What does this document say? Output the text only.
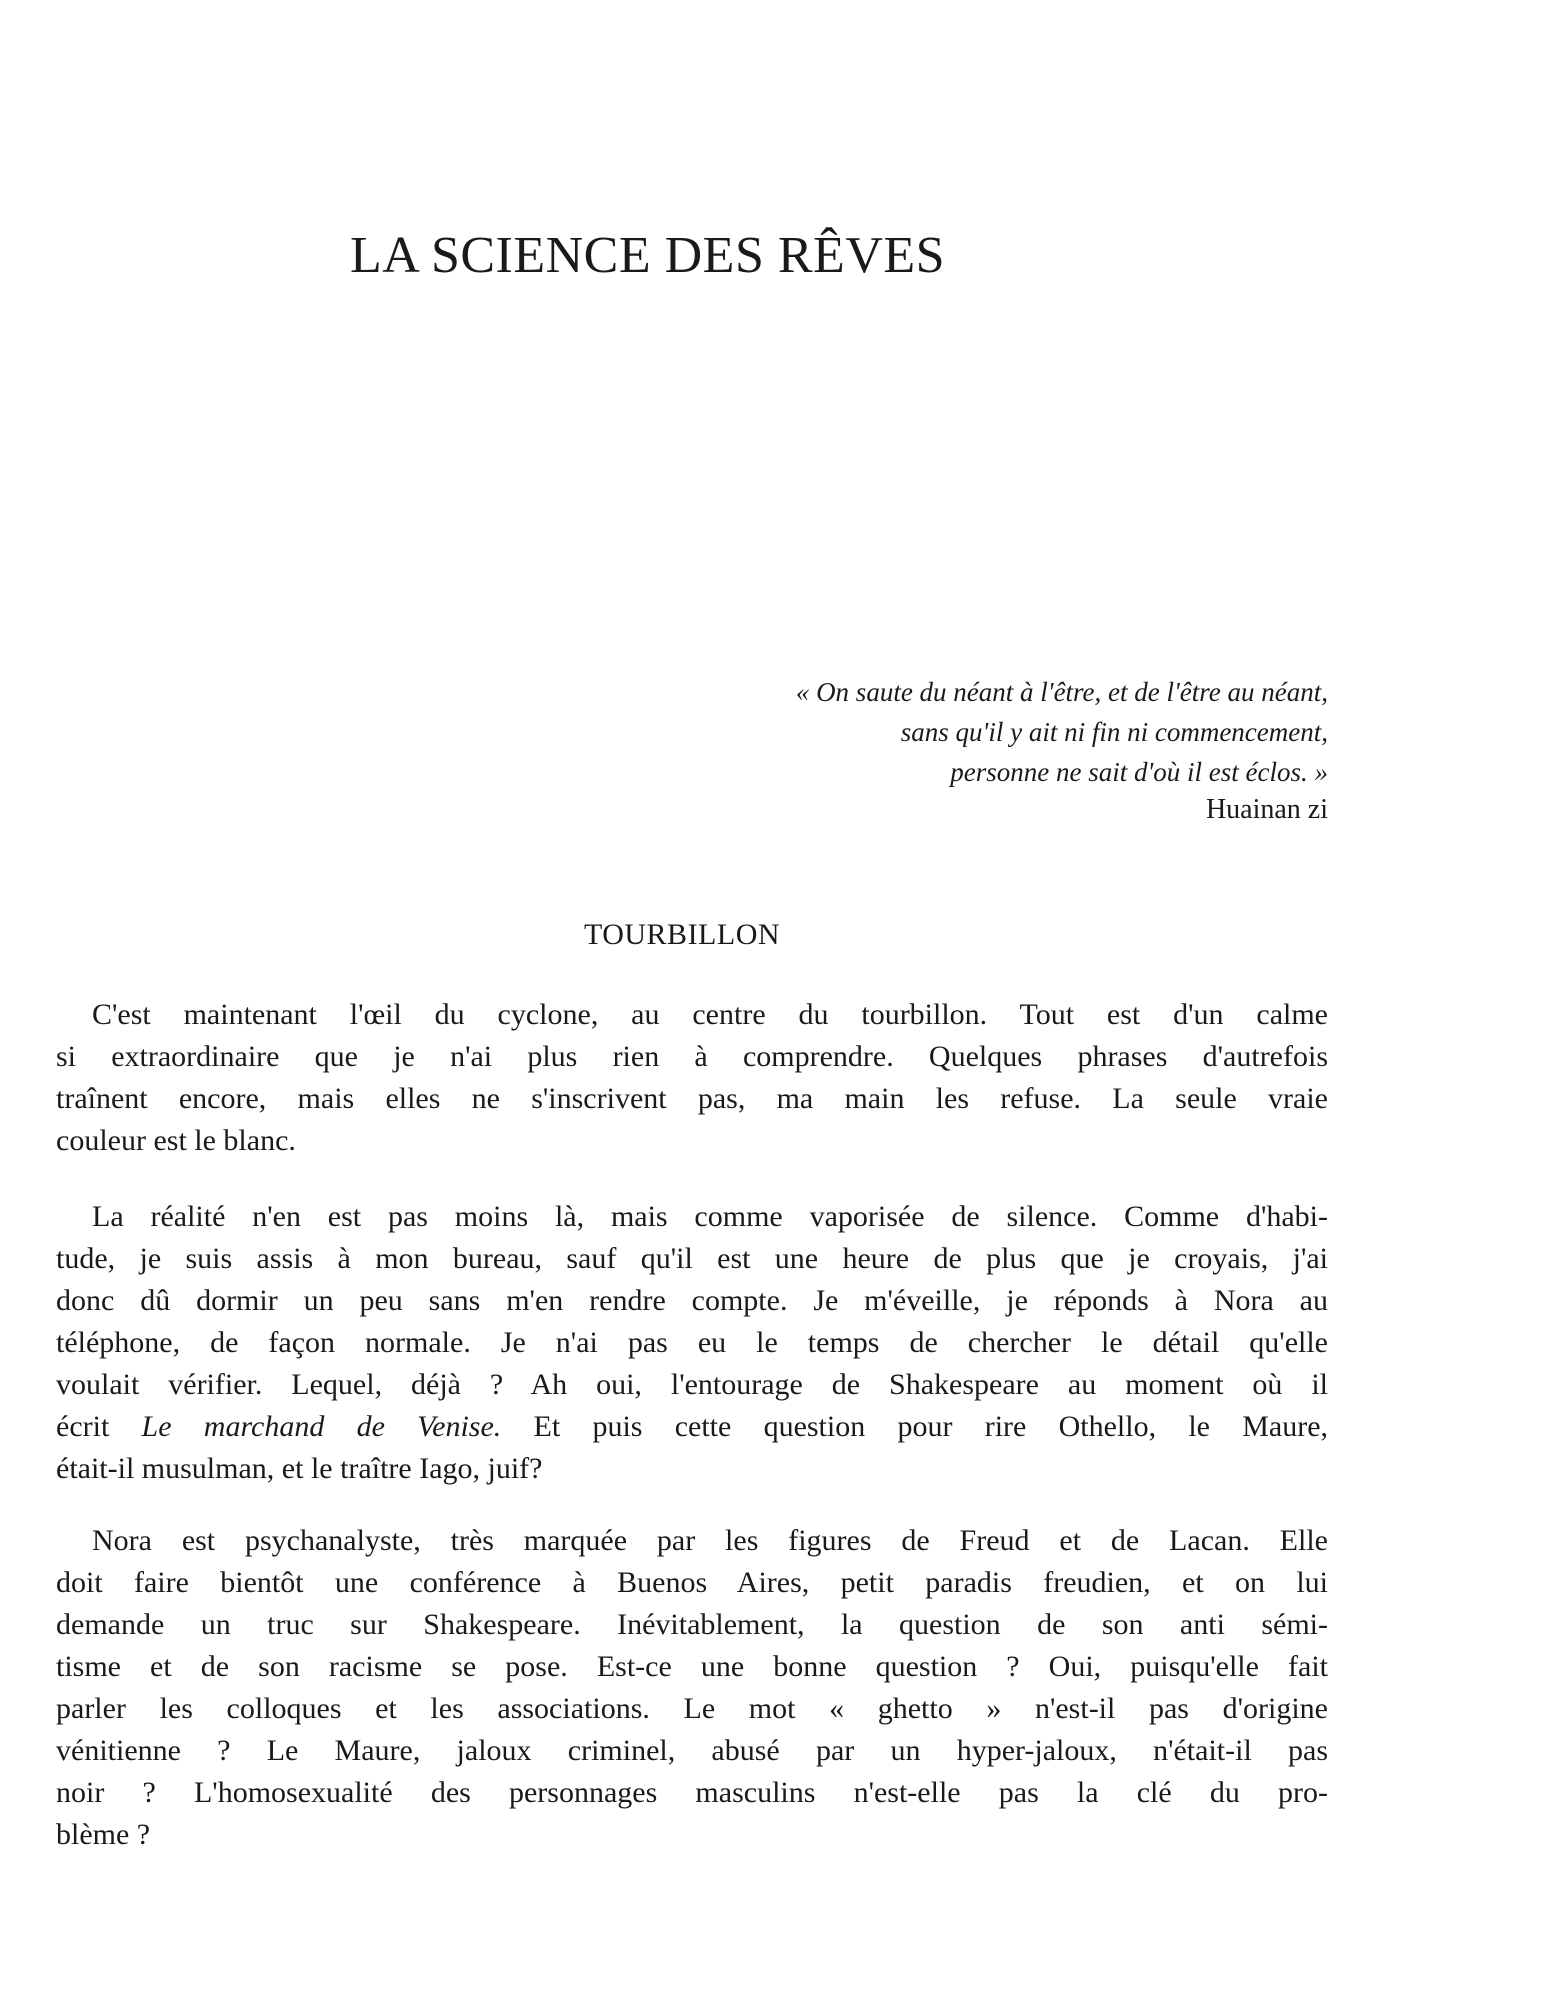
LA SCIENCE DES RÊVES
« On saute du néant à l'être, et de l'être au néant,
sans qu'il y ait ni fin ni commencement,
personne ne sait d'où il est éclos. »
Huainan zi
TOURBILLON

C'est maintenant l'œil du cyclone, au centre du tourbillon. Tout est d'un calme
si extraordinaire que je n'ai plus rien à comprendre. Quelques phrases d'autrefois
traînent encore, mais elles ne s'inscrivent pas, ma main les refuse. La seule vraie
couleur est le blanc.

La réalité n'en est pas moins là, mais comme vaporisée de silence. Comme d'habi-
tude, je suis assis à mon bureau, sauf qu'il est une heure de plus que je croyais, j'ai
donc dû dormir un peu sans m'en rendre compte. Je m'éveille, je réponds à Nora au
téléphone, de façon normale. Je n'ai pas eu le temps de chercher le détail qu'elle
voulait vérifier. Lequel, déjà ? Ah oui, l'entourage de Shakespeare au moment où il
écrit Le marchand de Venise. Et puis cette question pour rire Othello, le Maure,
était-il musulman, et le traître Iago, juif?

Nora est psychanalyste, très marquée par les figures de Freud et de Lacan. Elle
doit faire bientôt une conférence à Buenos Aires, petit paradis freudien, et on lui
demande un truc sur Shakespeare. Inévitablement, la question de son anti sémi-
tisme et de son racisme se pose. Est-ce une bonne question ? Oui, puisqu'elle fait
parler les colloques et les associations. Le mot « ghetto » n'est-il pas d'origine
vénitienne ? Le Maure, jaloux criminel, abusé par un hyper-jaloux, n'était-il pas
noir ? L'homosexualité des personnages masculins n'est-elle pas la clé du pro-
blème ?
